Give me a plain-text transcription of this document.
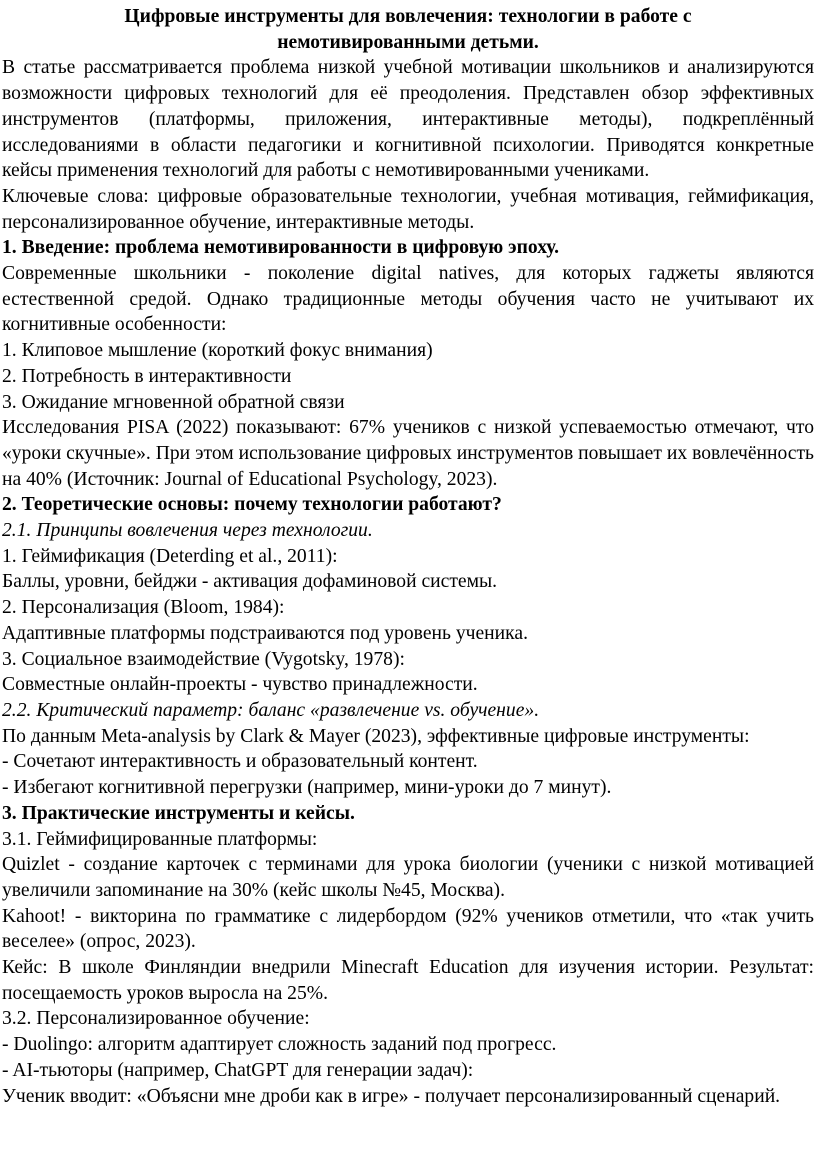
Цифровые инструменты для вовлечения: технологии в работе с

немотивированными детьми.

В статье рассматривается проблема низкой учебной мотивации школьников и анализируются возможности цифровых технологий для её преодоления. Представлен обзор эффективных инструментов (платформы, приложения, интерактивные методы), подкреплённый исследованиями в области педагогики и когнитивной психологии. Приводятся конкретные кейсы применения технологий для работы с немотивированными учениками.

Ключевые слова: цифровые образовательные технологии, учебная мотивация, геймификация, персонализированное обучение, интерактивные методы.

1. Введение: проблема немотивированности в цифровую эпоху.

Современные школьники - поколение digital natives, для которых гаджеты являются естественной средой. Однако традиционные методы обучения часто не учитывают их когнитивные особенности:

1. Клиповое мышление (короткий фокус внимания)

2. Потребность в интерактивности

3. Ожидание мгновенной обратной связи

Исследования PISA (2022) показывают: 67% учеников с низкой успеваемостью отмечают, что «уроки скучные». При этом использование цифровых инструментов повышает их вовлечённость на 40% (Источник: Journal of Educational Psychology, 2023).

2. Теоретические основы: почему технологии работают?

2.1. Принципы вовлечения через технологии.

1. Геймификация (Deterding et al., 2011):

Баллы, уровни, бейджи - активация дофаминовой системы.

2. Персонализация (Bloom, 1984):

Адаптивные платформы подстраиваются под уровень ученика.

3. Социальное взаимодействие (Vygotsky, 1978):

Совместные онлайн-проекты - чувство принадлежности.

2.2. Критический параметр: баланс «развлечение vs. обучение».

По данным Meta-analysis by Clark & Mayer (2023), эффективные цифровые инструменты:

- Сочетают интерактивность и образовательный контент.

- Избегают когнитивной перегрузки (например, мини-уроки до 7 минут).

3. Практические инструменты и кейсы.

3.1. Геймифицированные платформы:

Quizlet - создание карточек с терминами для урока биологии (ученики с низкой мотивацией увеличили запоминание на 30% (кейс школы №45, Москва).

Kahoot! - викторина по грамматике с лидербордом (92% учеников отметили, что «так учить веселее» (опрос, 2023).

Кейс: В школе Финляндии внедрили Minecraft Education для изучения истории. Результат: посещаемость уроков выросла на 25%.

3.2. Персонализированное обучение:

- Duolingo: алгоритм адаптирует сложность заданий под прогресс.

- AI-тьюторы (например, ChatGPT для генерации задач):

Ученик вводит: «Объясни мне дроби как в игре» - получает персонализированный сценарий.
